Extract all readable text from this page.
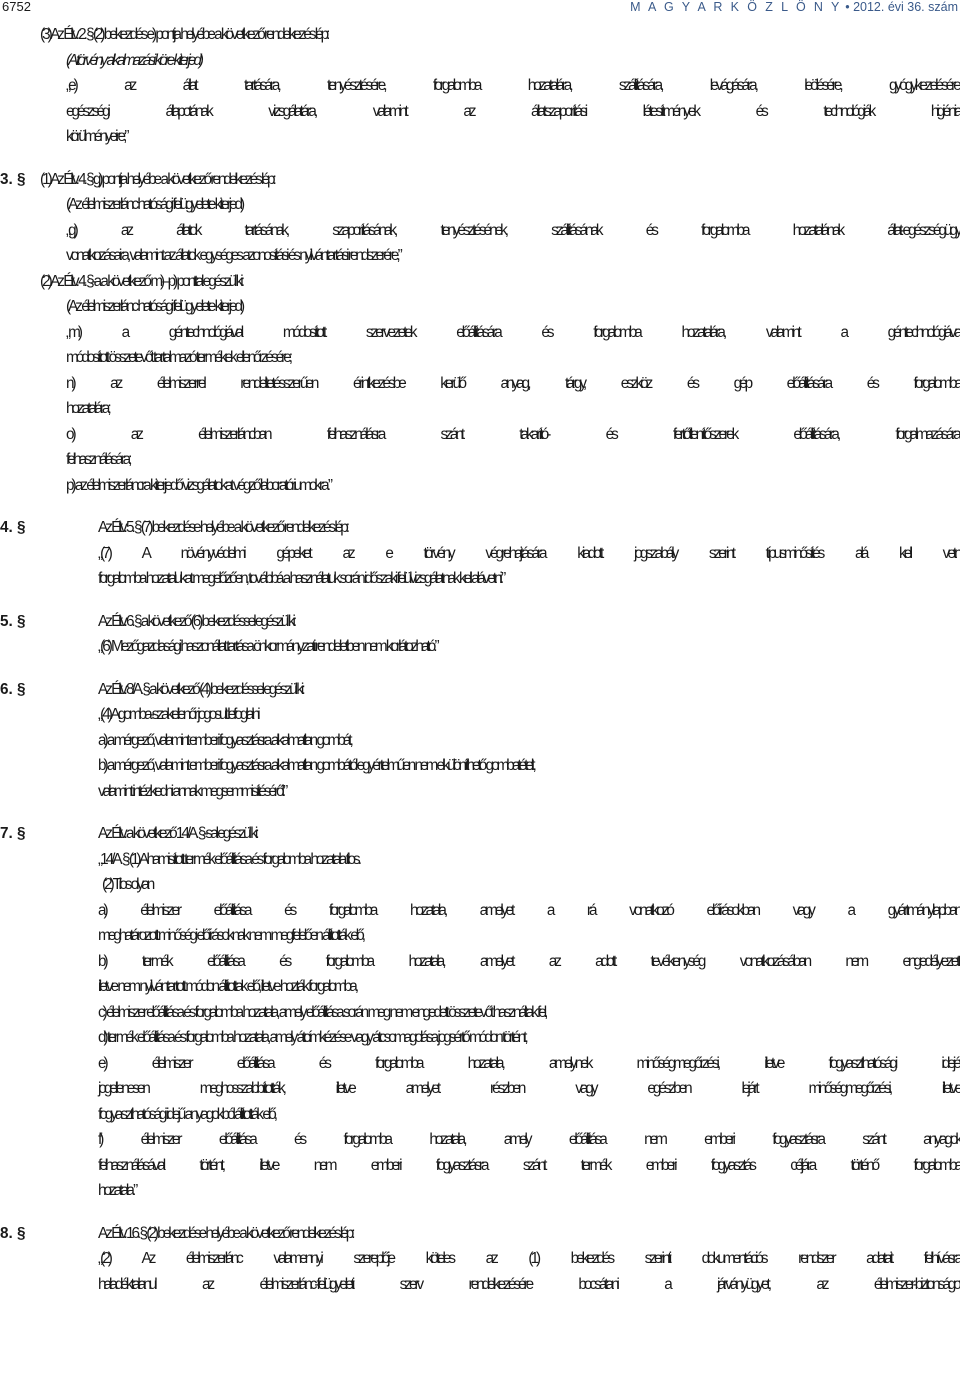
6752	M A G Y A R K Ö Z L Ö N Y • 2012. évi 36. szám
(3) Az Éltv. 2. § (2) bekezdés e) pontja helyébe a következő rendelkezés lép:
(A törvény alkalmazási köre kiterjed)
„e) az állat tartására, tenyésztésére, forgalomba hozatalára, szállítására, levágására, leölésére, gyógykezelésére,
egészségi állapotának vizsgálatára, valamint az állatszaporítási létesítmények és technológiák higiéniai
körülményeire;”
3. § (1) Az Éltv. 4. § g) pontja helyébe a következő rendelkezés lép:
(Az élelmiszerlánc hatósági felügyelete kiterjed)
„g) az állatok tartásának, szaporításának, tenyésztésének, szállításának és forgalomba hozatalának állat-egészségügyi
vonatkozásaira, valamint az állatok egységes azonosítási és nyilvántartási rendszerére,”
(2) Az Éltv. 4. §-a a következő m)–p) ponttal egészül ki:
(Az élelmiszerlánc hatósági felügyelete kiterjed)
„m) a géntechnológiával módosított szervezetek előállítására és forgalomba hozatalára, valamint a géntechnológiával
módosított összetevőt tartalmazó termékek ellenőrzésére;
n) az élelmiszerrel rendeltetésszerűen érintkezésbe kerülő anyag, tárgy, eszköz és gép előállítására és forgalomba
hozatalára;
o) az élelmiszerláncban felhasználásra szánt takarító- és fertőtlenítőszerek előállítására, forgalmazására,
felhasználására;
p) az élelmiszerláncra kiterjedő vizsgálatokat végző laboratóriumokra.”
4. §	Az Éltv. 5. § (7) bekezdése helyébe a következő rendelkezés lép:
„(7) A növényvédelmi gépeket az e törvény végrehajtására kiadott jogszabály szerint típusminősítés alá kell vetni
forgalomba hozatalukat megelőzően, továbbá a használatuk során időszaki felülvizsgálatnak kell alávetni.”
5. §	Az Éltv. 6. § a következő (6) bekezdéssel egészül ki:
„(6) Mezőgazdasági haszonállat tartása önkormányzati rendeletben nem korlátozható.”
6. §	Az Éltv. 8/A. § a következő (4) bekezdéssel egészül ki:
„(4) A gomba-szakellenőr jogosult lefoglalni
a) a mérgező, valamint emberi fogyasztásra alkalmatlan gombát,
b) a mérgező, valamint emberi fogyasztásra alkalmatlan gombától egyértelműen nem elkülöníthető gombatételt,
valamint intézkedni annak megsemmisítéséről.”
7. §	Az Éltv. a következő 14/A. §-sal egészül ki:
„14/A. § (1) A hamisított termék előállítása és forgalomba hozatala tilos.
(2) Tilos olyan
a) élelmiszer előállítása és forgalomba hozatala, amelyet a rá vonatkozó előírásokban vagy a gyártmánylapban
meghatározott minőségi előírásoknak nem megfelelően állították elő,
b) termék előállítása és forgalomba hozatala, amelyet az adott tevékenység vonatkozásában nem engedélyezett,
illetve nem nyilvántartott módon állítottak elő, illetve hozták forgalomba,
c) élelmiszer előállítása és forgalomba hozatala, amely előállítása során meg nem engedett összetevőt használtak fel,
d) termék előállítása és forgalomba hozatala, amely átcímkézése vagy átcsomagolása jogsértő módon történt,
e) élelmiszer előállítása és forgalomba hozatala, amelynek minőségmegőrzési, illetve fogyaszthatósági idejét
jogellenesen meghosszabbították, illetve amelyet részben vagy egészben lejárt minőségmegőrzési, illetve
fogyaszthatósági idejű anyagokból állították elő,
f) élelmiszer előállítása és forgalomba hozatala, amely előállítása nem emberi fogyasztásra szánt anyagok
felhasználásával történt, illetve nem emberi fogyasztásra szánt termék emberi fogyasztás céljára történő forgalomba
hozatala.”
8. §	Az Éltv. 16. § (2) bekezdése helyébe a következő rendelkezés lép:
„(2) Az élelmiszerlánc valamennyi szereplője köteles az (1) bekezdés szerinti dokumentációs rendszer adatait felhívásra
haladéktalanul az élelmiszerlánc-felügyeleti szerv rendelkezésére bocsátani a járványügyet, az élelmiszer-biztonságot
